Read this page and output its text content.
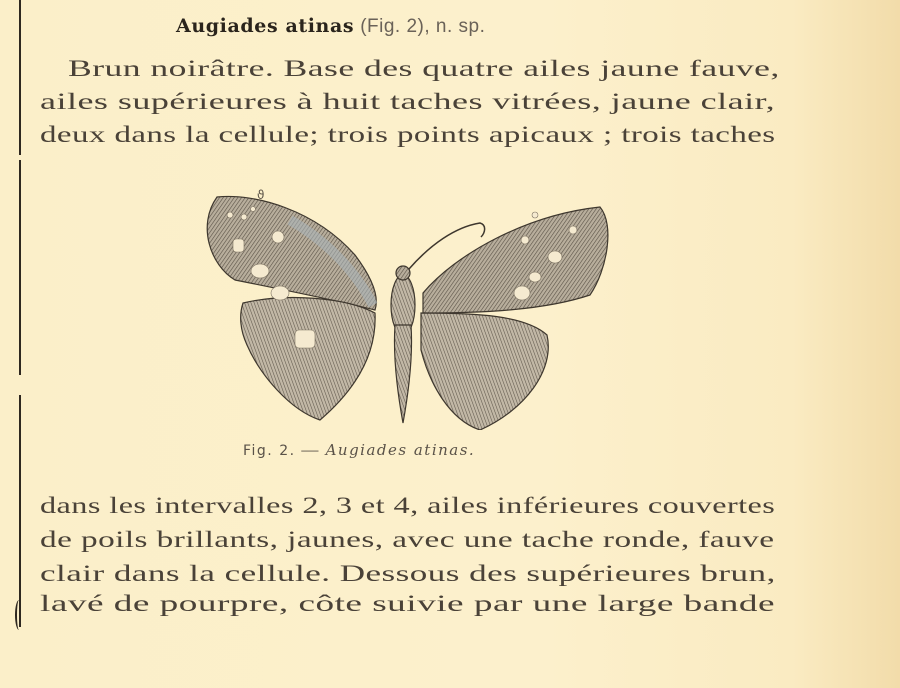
Augiades atinas (Fig. 2), n. sp.
Brun noirâtre. Base des quatre ailes jaune fauve,
ailes supérieures à huit taches vitrées, jaune clair,
deux dans la cellule; trois points apicaux ; trois taches
ϑ
Fig. 2. — Augiades atinas.
dans les intervalles 2, 3 et 4, ailes inférieures couvertes
de poils brillants, jaunes, avec une tache ronde, fauve
clair dans la cellule. Dessous des supérieures brun,
lavé de pourpre, côte suivie par une large bande
